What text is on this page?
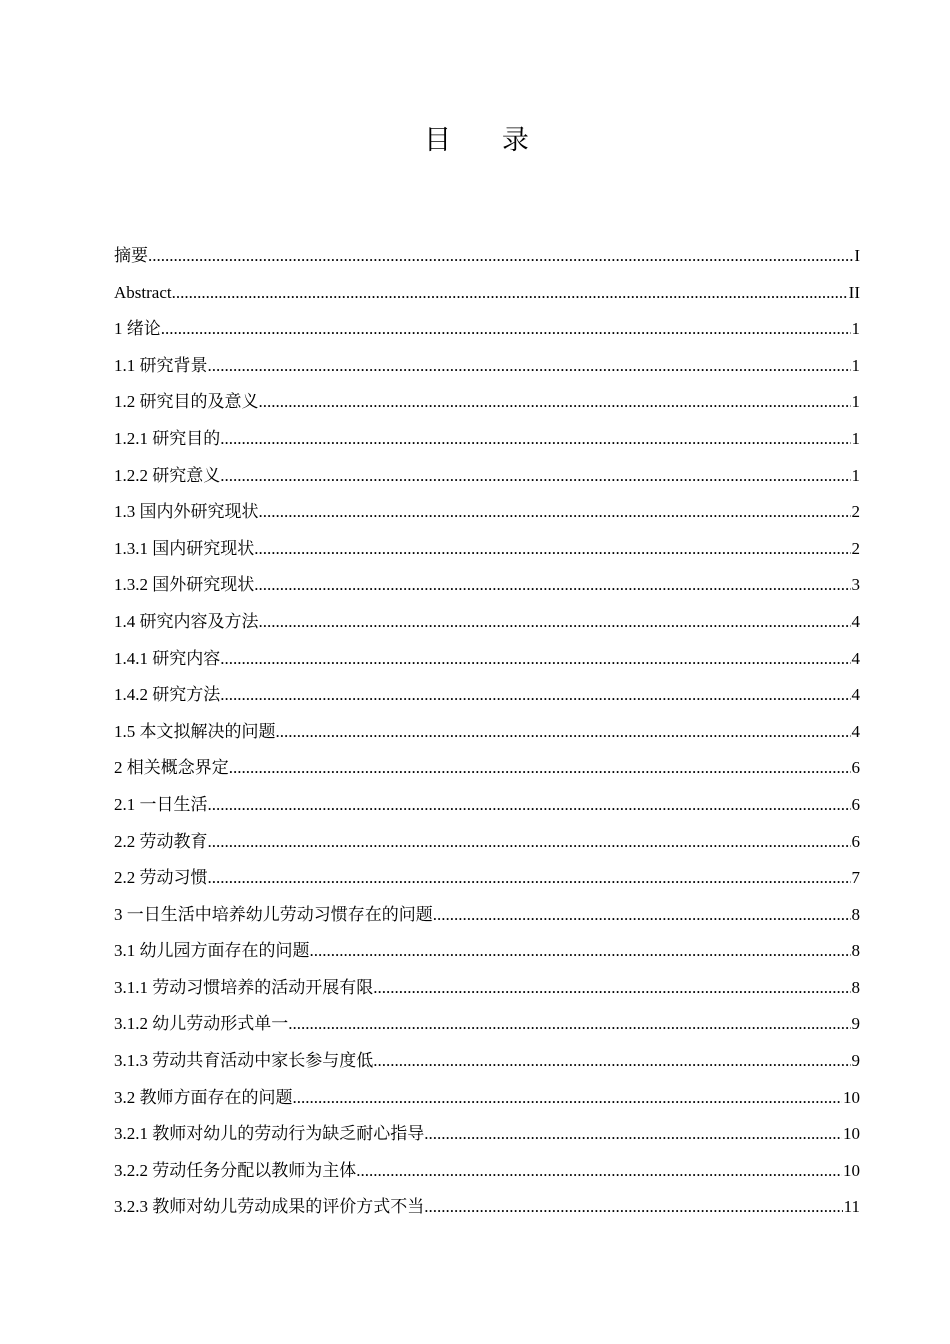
目 录
摘要 .....	I
Abstract .....	II
1 绪论 .....	1
1.1 研究背景 .....	1
1.2 研究目的及意义 .....	1
1.2.1 研究目的 .....	1
1.2.2 研究意义 .....	1
1.3 国内外研究现状 .....	2
1.3.1 国内研究现状 .....	2
1.3.2 国外研究现状 .....	3
1.4 研究内容及方法 .....	4
1.4.1 研究内容 .....	4
1.4.2 研究方法 .....	4
1.5 本文拟解决的问题 .....	4
2 相关概念界定 .....	6
2.1 一日生活 .....	6
2.2 劳动教育 .....	6
2.2 劳动习惯 .....	7
3 一日生活中培养幼儿劳动习惯存在的问题 .....	8
3.1 幼儿园方面存在的问题 .....	8
3.1.1 劳动习惯培养的活动开展有限 .....	8
3.1.2 幼儿劳动形式单一 .....	9
3.1.3 劳动共育活动中家长参与度低 .....	9
3.2 教师方面存在的问题 .....	10
3.2.1 教师对幼儿的劳动行为缺乏耐心指导 .....	10
3.2.2 劳动任务分配以教师为主体 .....	10
3.2.3 教师对幼儿劳动成果的评价方式不当 .....	11
